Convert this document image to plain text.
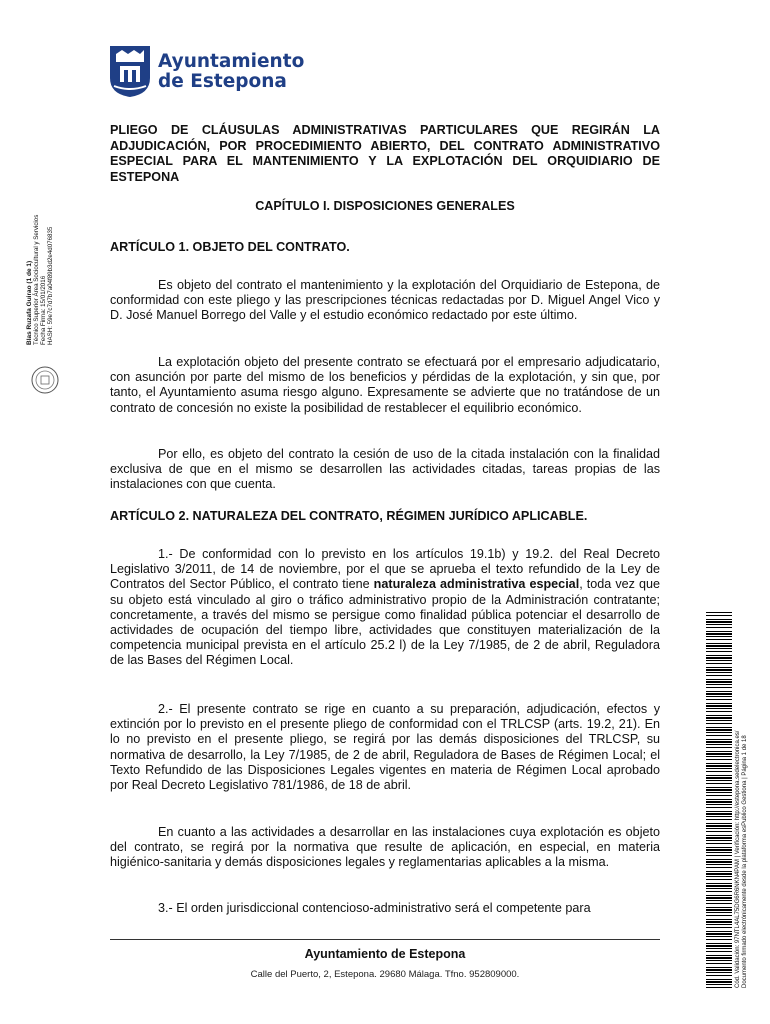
Ayuntamiento
de Estepona
Blas Ruzafa Guirao (1 de 1) Técnico Superior Área Sociocultural y Servicios Fecha Firma: 15/01/2016 HASH: 59e7c7d7b7a04f89b3d2e4d076835
PLIEGO DE CLÁUSULAS ADMINISTRATIVAS PARTICULARES QUE REGIRÁN LA ADJUDICACIÓN, POR PROCEDIMIENTO ABIERTO, DEL CONTRATO ADMINISTRATIVO ESPECIAL PARA EL MANTENIMIENTO Y LA EXPLOTACIÓN DEL ORQUIDIARIO DE ESTEPONA
CAPÍTULO I. DISPOSICIONES GENERALES
ARTÍCULO 1. OBJETO DEL CONTRATO.
Es objeto del contrato el mantenimiento y la explotación del Orquidiario de Estepona, de conformidad con este pliego y las prescripciones técnicas redactadas por D. Miguel Angel Vico y D. José Manuel Borrego del Valle y el estudio económico redactado por este último.
La explotación objeto del presente contrato se efectuará por el empresario adjudicatario, con asunción por parte del mismo de los beneficios y pérdidas de la explotación, y sin que, por tanto, el Ayuntamiento asuma riesgo alguno. Expresamente se advierte que no tratándose de un contrato de concesión no existe la posibilidad de restablecer el equilibrio económico.
Por ello, es objeto del contrato la cesión de uso de la citada instalación con la finalidad exclusiva de que en el mismo se desarrollen las actividades citadas, tareas propias de las instalaciones con que cuenta.
ARTÍCULO 2. NATURALEZA DEL CONTRATO, RÉGIMEN JURÍDICO APLICABLE.
1.- De conformidad con lo previsto en los artículos 19.1b) y 19.2. del Real Decreto Legislativo 3/2011, de 14 de noviembre, por el que se aprueba el texto refundido de la Ley de Contratos del Sector Público, el contrato tiene naturaleza administrativa especial, toda vez que su objeto está vinculado al giro o tráfico administrativo propio de la Administración contratante; concretamente, a través del mismo se persigue como finalidad pública potenciar el desarrollo de actividades de ocupación del tiempo libre, actividades que constituyen materialización de la competencia municipal prevista en el artículo 25.2 l) de la Ley 7/1985, de 2 de abril, Reguladora de las Bases del Régimen Local.
2.- El presente contrato se rige en cuanto a su preparación, adjudicación, efectos y extinción por lo previsto en el presente pliego de conformidad con el TRLCSP (arts. 19.2, 21). En lo no previsto en el presente pliego, se regirá por las demás disposiciones del TRLCSP, su normativa de desarrollo, la Ley 7/1985, de 2 de abril, Reguladora de Bases de Régimen Local; el Texto Refundido de las Disposiciones Legales vigentes en materia de Régimen Local aprobado por Real Decreto Legislativo 781/1986, de 18 de abril.
En cuanto a las actividades a desarrollar en las instalaciones cuya explotación es objeto del contrato, se regirá por la normativa que resulte de aplicación, en especial, en materia higiénico-sanitaria y demás disposiciones legales y reglamentarias aplicables a la misma.
3.- El orden jurisdiccional contencioso-administrativo será el competente para	Cód. Validación: 97NTL4AL75DG6R6NKN4PAM | Verificación: http://estepona.sedelectronica.es/ Documento firmado electrónicamente desde la plataforma esPublico Gestiona | Página 1 de 18
Ayuntamiento de Estepona
Calle del Puerto, 2, Estepona. 29680 Málaga. Tfno. 952809000.
